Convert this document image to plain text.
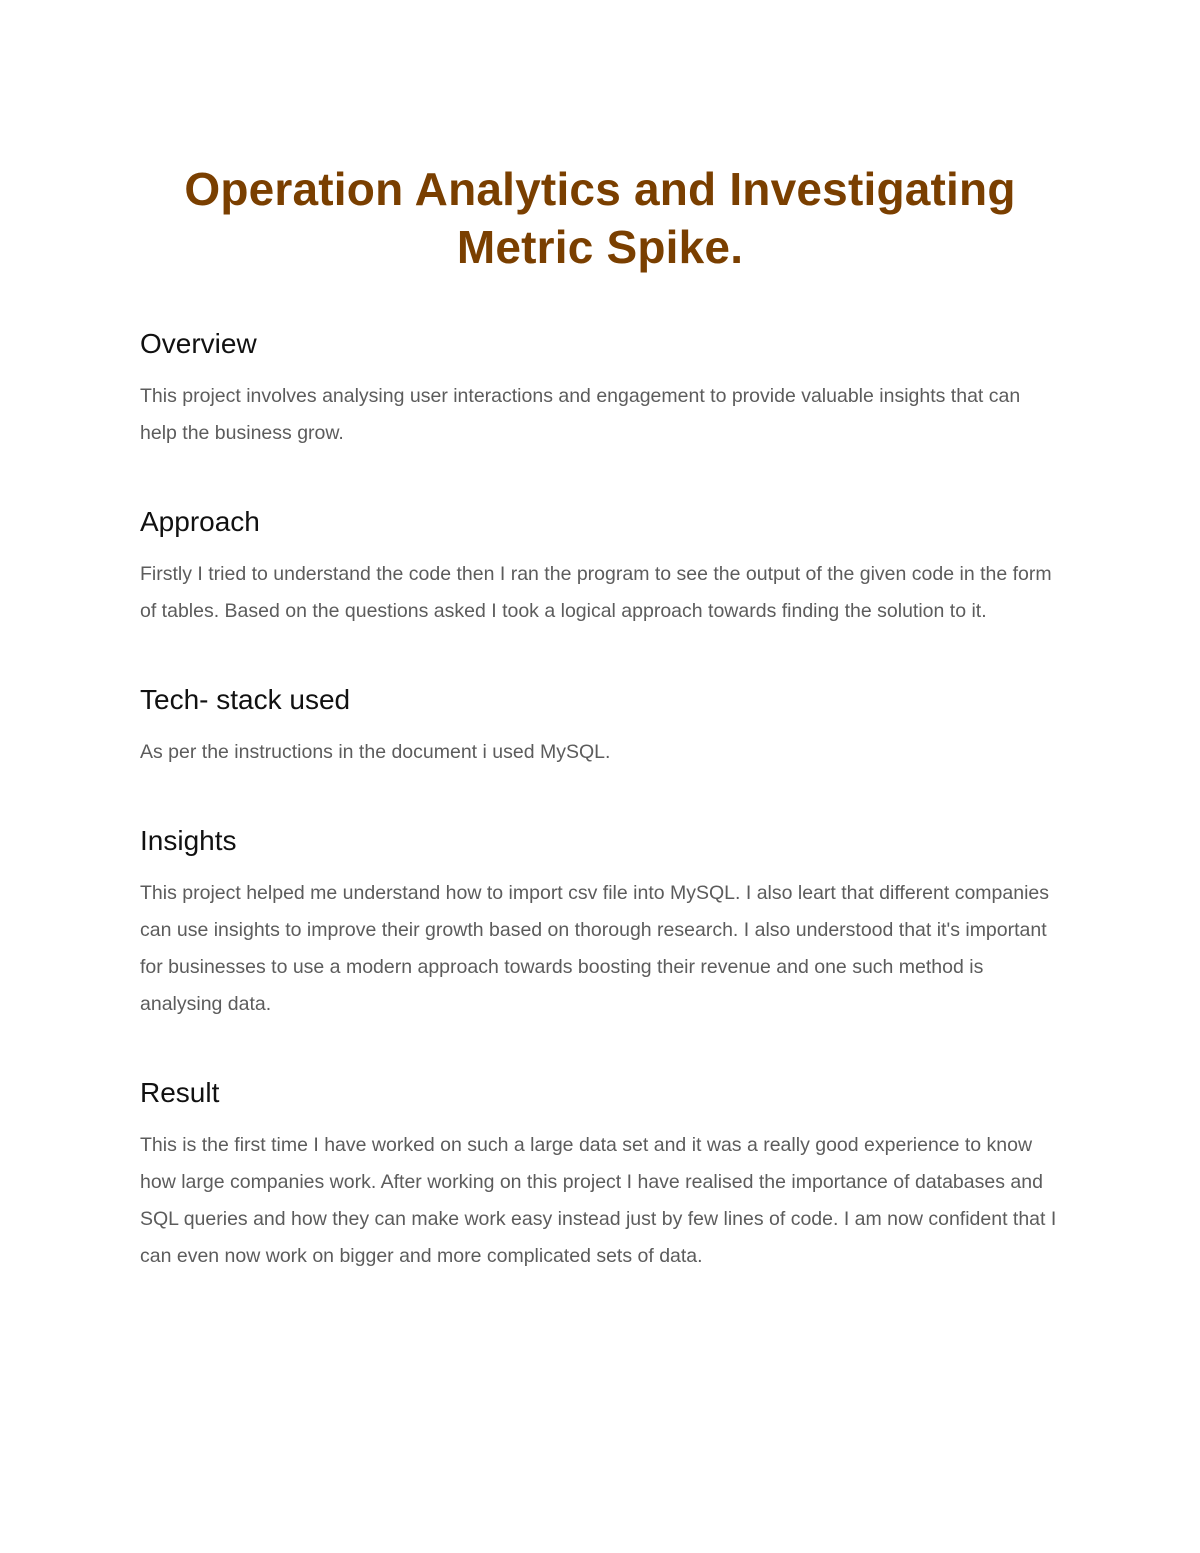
Operation Analytics and Investigating Metric Spike.
Overview

This project involves analysing user interactions and engagement to provide valuable insights that can help the business grow.

Approach

Firstly I tried to understand the code then I ran the program to see the output of the given code in the form of tables. Based on the questions asked I took a logical approach towards finding the solution to it.

Tech- stack used

As per the instructions in the document i used MySQL.

Insights

This project helped me understand how to import csv file into MySQL. I also leart that different companies can use insights to improve their growth based on thorough research. I also understood that it's important for businesses to use a modern approach towards boosting their revenue and one such method is analysing data.

Result

This is the first time I have worked on such a large data set and it was a really good experience to know how large companies work. After working on this project I have realised the importance of databases and SQL queries and how they can make work easy instead just by few lines of code. I am now confident that I can even now work on bigger and more complicated sets of data.
